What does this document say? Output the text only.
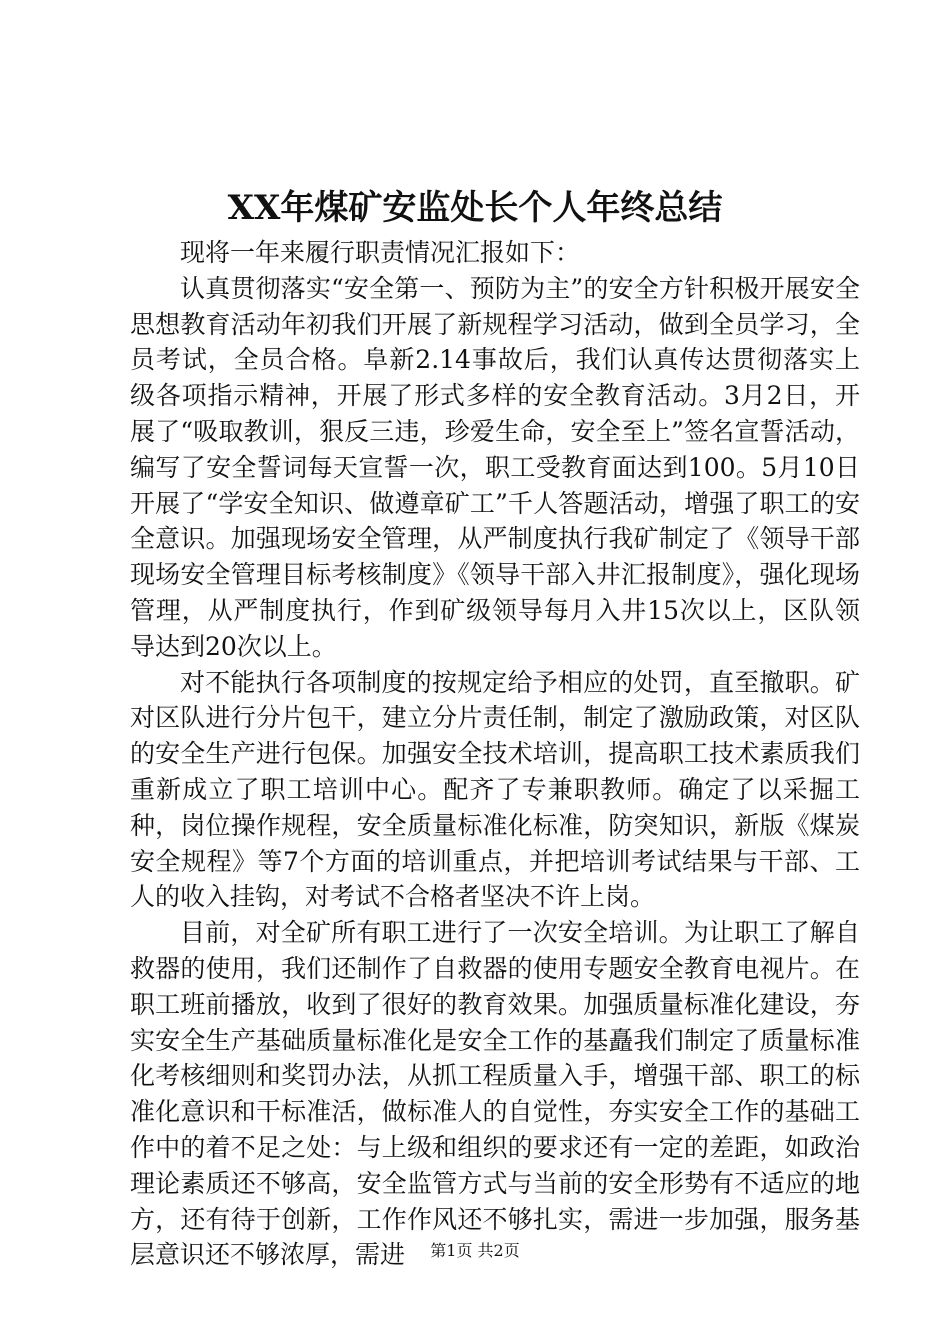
XX年煤矿安监处长个人年终总结

现将一年来履行职责情况汇报如下：

认真贯彻落实“安全第一、预防为主”的安全方针积极开展安全思想教育活动年初我们开展了新规程学习活动，做到全员学习，全员考试，全员合格。阜新2.14事故后，我们认真传达贯彻落实上级各项指示精神，开展了形式多样的安全教育活动。3月2日，开展了“吸取教训，狠反三违，珍爱生命，安全至上”签名宣誓活动，编写了安全誓词每天宣誓一次，职工受教育面达到100。5月10日开展了“学安全知识、做遵章矿工”千人答题活动，增强了职工的安全意识。加强现场安全管理，从严制度执行我矿制定了《领导干部现场安全管理目标考核制度》《领导干部入井汇报制度》，强化现场管理，从严制度执行，作到矿级领导每月入井15次以上，区队领导达到20次以上。

对不能执行各项制度的按规定给予相应的处罚，直至撤职。矿对区队进行分片包干，建立分片责任制，制定了激励政策，对区队的安全生产进行包保。加强安全技术培训，提高职工技术素质我们重新成立了职工培训中心。配齐了专兼职教师。确定了以采掘工种，岗位操作规程，安全质量标准化标准，防突知识，新版《煤炭安全规程》等7个方面的培训重点，并把培训考试结果与干部、工人的收入挂钩，对考试不合格者坚决不许上岗。

目前，对全矿所有职工进行了一次安全培训。为让职工了解自救器的使用，我们还制作了自救器的使用专题安全教育电视片。在职工班前播放，收到了很好的教育效果。加强质量标准化建设，夯实安全生产基础质量标准化是安全工作的基矗我们制定了质量标准化考核细则和奖罚办法，从抓工程质量入手，增强干部、职工的标准化意识和干标准活，做标准人的自觉性，夯实安全工作的基础工作中的着不足之处：与上级和组织的要求还有一定的差距，如政治理论素质还不够高，安全监管方式与当前的安全形势有不适应的地方，还有待于创新，工作作风还不够扎实，需进一步加强，服务基层意识还不够浓厚，需进	第1页 共2页
